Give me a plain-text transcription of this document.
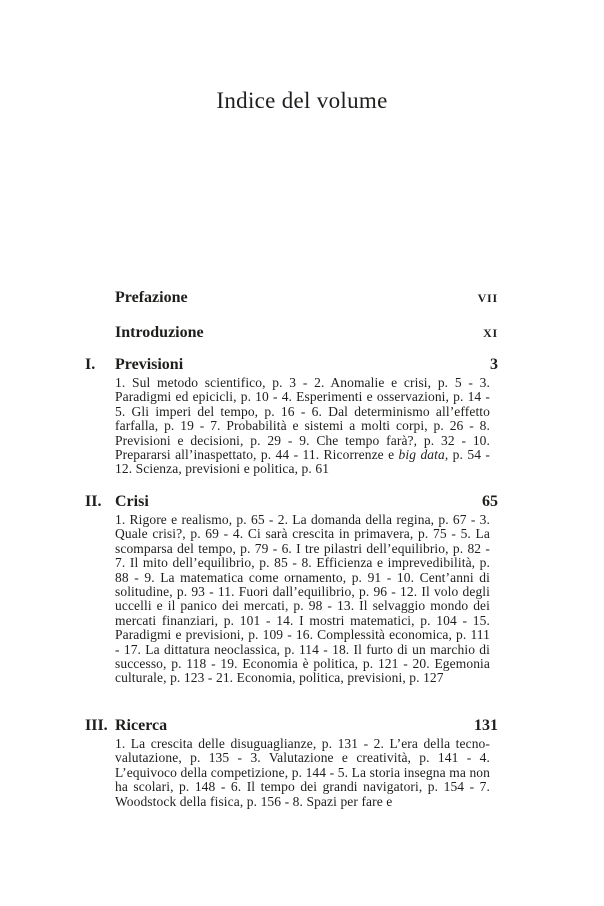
Indice del volume
Prefazione	VII
Introduzione	XI
I.	Previsioni	3

1. Sul metodo scientifico, p. 3 - 2. Anomalie e crisi, p. 5 - 3. Paradigmi ed epicicli, p. 10 - 4. Esperimenti e osservazioni, p. 14 - 5. Gli imperi del tempo, p. 16 - 6. Dal determinismo all’effetto farfalla, p. 19 - 7. Probabilità e sistemi a molti corpi, p. 26 - 8. Previsioni e decisioni, p. 29 - 9. Che tempo farà?, p. 32 - 10. Prepararsi all’inaspettato, p. 44 - 11. Ricorrenze e big data, p. 54 - 12. Scienza, previsioni e politica, p. 61

II. Crisi	65

1. Rigore e realismo, p. 65 - 2. La domanda della regina, p. 67 - 3. Quale crisi?, p. 69 - 4. Ci sarà crescita in primavera, p. 75 - 5. La scomparsa del tempo, p. 79 - 6. I tre pilastri dell’equilibrio, p. 82 - 7. Il mito dell’equilibrio, p. 85 - 8. Efficienza e imprevedibilità, p. 88 - 9. La matematica come ornamento, p. 91 - 10. Cent’anni di solitudine, p. 93 - 11. Fuori dall’equilibrio, p. 96 - 12. Il volo degli uccelli e il panico dei mercati, p. 98 - 13. Il selvaggio mondo dei mercati finanziari, p. 101 - 14. I mostri matematici, p. 104 - 15. Paradigmi e previsioni, p. 109 - 16. Complessità economica, p. 111 - 17. La dittatura neoclassica, p. 114 - 18. Il furto di un marchio di successo, p. 118 - 19. Economia è politica, p. 121 - 20. Egemonia culturale, p. 123 - 21. Economia, politica, previsioni, p. 127

III. Ricerca	131

1. La crescita delle disuguaglianze, p. 131 - 2. L’era della tecno-valutazione, p. 135 - 3. Valutazione e creatività, p. 141 - 4. L’equivoco della competizione, p. 144 - 5. La storia insegna ma non ha scolari, p. 148 - 6. Il tempo dei grandi navigatori, p. 154 - 7. Woodstock della fisica, p. 156 - 8. Spazi per fare e
